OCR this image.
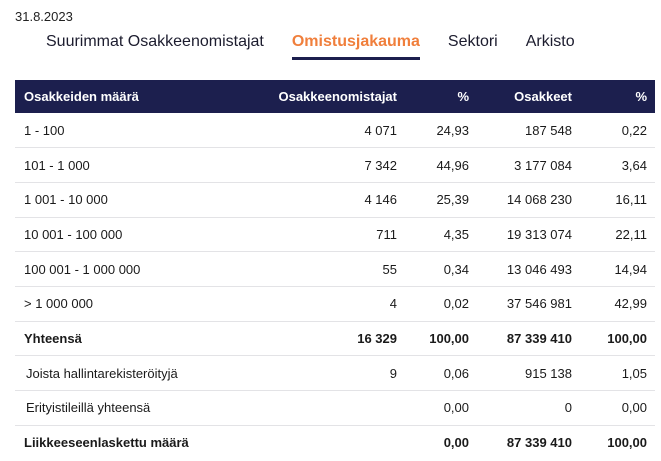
31.8.2023
Suurimmat Osakkeenomistajat Omistusjakauma Sektori Arkisto
Osakkeiden määrä	Osakkeenomistajat	%	Osakkeet	%
1 - 100	4 071	24,93	187 548	0,22
101 - 1 000	7 342	44,96	3 177 084	3,64
1 001 - 10 000	4 146	25,39	14 068 230	16,11
10 001 - 100 000	711	4,35	19 313 074	22,11
100 001 - 1 000 000	55	0,34	13 046 493	14,94
> 1 000 000	4	0,02	37 546 981	42,99
Yhteensä	16 329	100,00	87 339 410	100,00
Joista hallintarekisteröityjä	9	0,06	915 138	1,05
Erityistileillä yhteensä		0,00	0	0,00
Liikkeeseenlaskettu määrä		0,00	87 339 410	100,00
